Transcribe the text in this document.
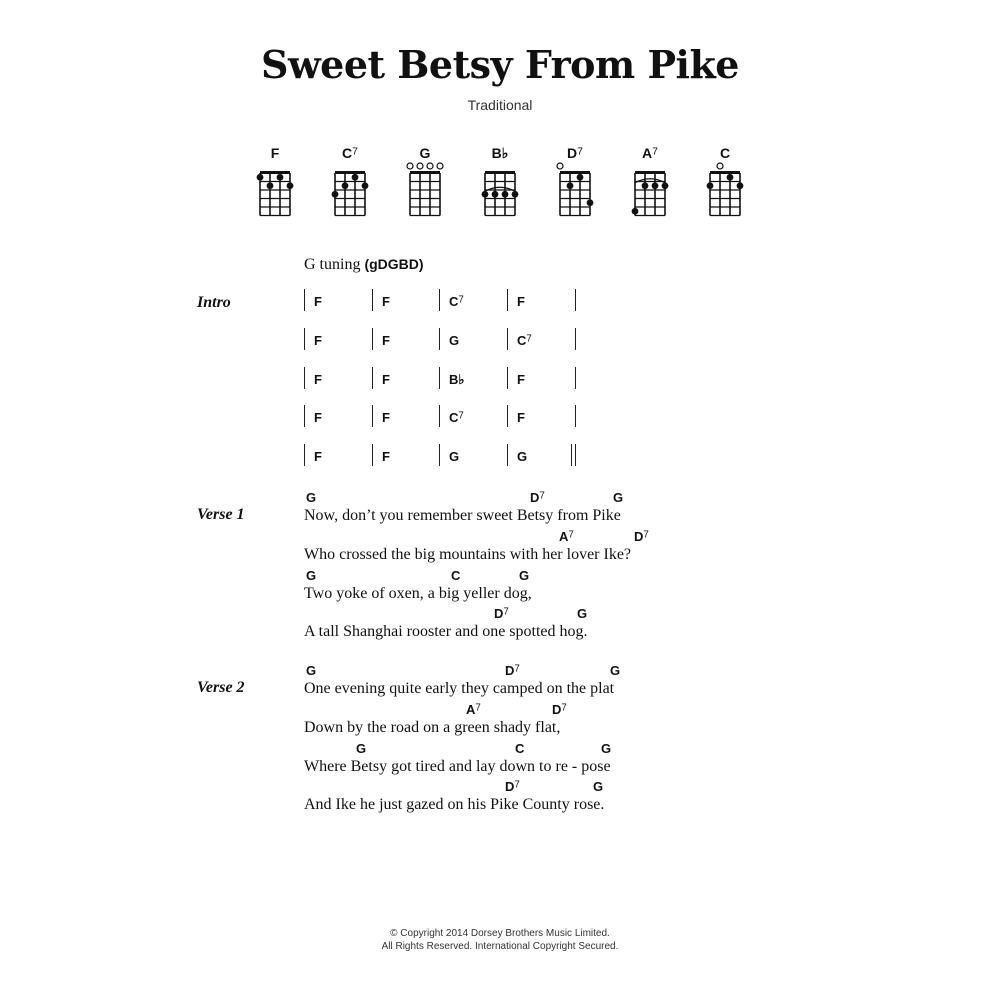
Sweet Betsy From Pike
Traditional
F	$C^7$	G	B♭	$D^7$	$A^7$	C
G tuning (gDGBD)
Intro	F	F	$C^7$	F
F	F	G	$C^7$
F	F	B♭	F
F	F	$C^7$	F
F	F	G	G
Verse 1
Verse 2
G	$D^7$	G
Now, don’t you remember sweet Betsy from Pike
$A^7$	$D^7$
Who crossed the big mountains with her lover Ike?
G	C	G
Two yoke of oxen, a big yeller dog,
$D^7$	G
A tall Shanghai rooster and one spotted hog.
G	$D^7$	G
One evening quite early they camped on the plat
$A^7$	$D^7$
Down by the road on a green shady flat,
G	C	G
Where Betsy got tired and lay down to re - pose
$D^7$	G
And Ike he just gazed on his Pike County rose.
© Copyright 2014 Dorsey Brothers Music Limited.
All Rights Reserved. International Copyright Secured.
